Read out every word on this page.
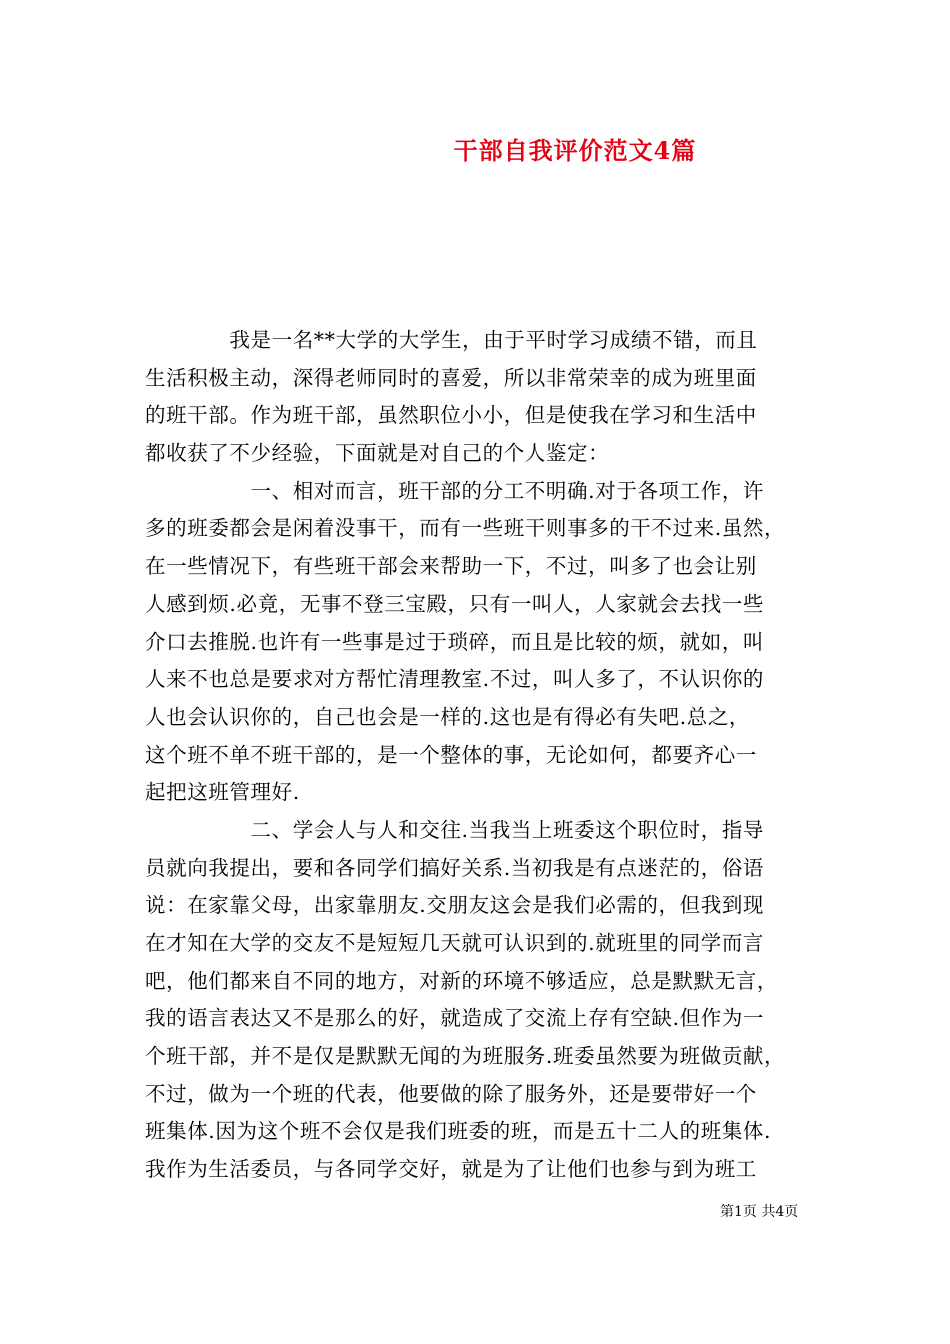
干部自我评价范文4篇
　　　　我是一名**大学的大学生，由于平时学习成绩不错，而且
生活积极主动，深得老师同时的喜爱，所以非常荣幸的成为班里面
的班干部。作为班干部，虽然职位小小，但是使我在学习和生活中
都收获了不少经验，下面就是对自己的个人鉴定：
　　　　　一、相对而言，班干部的分工不明确.对于各项工作，许
多的班委都会是闲着没事干，而有一些班干则事多的干不过来.虽然，
在一些情况下，有些班干部会来帮助一下，不过，叫多了也会让别
人感到烦.必竟，无事不登三宝殿，只有一叫人，人家就会去找一些
介口去推脱.也许有一些事是过于琐碎，而且是比较的烦，就如，叫
人来不也总是要求对方帮忙清理教室.不过，叫人多了，不认识你的
人也会认识你的，自己也会是一样的.这也是有得必有失吧.总之，
这个班不单不班干部的，是一个整体的事，无论如何，都要齐心一
起把这班管理好.
　　　　　二、学会人与人和交往.当我当上班委这个职位时，指导
员就向我提出，要和各同学们搞好关系.当初我是有点迷茫的，俗语
说：在家靠父母，出家靠朋友.交朋友这会是我们必需的，但我到现
在才知在大学的交友不是短短几天就可认识到的.就班里的同学而言
吧，他们都来自不同的地方，对新的环境不够适应，总是默默无言，
我的语言表达又不是那么的好，就造成了交流上存有空缺.但作为一
个班干部，并不是仅是默默无闻的为班服务.班委虽然要为班做贡献，
不过，做为一个班的代表，他要做的除了服务外，还是要带好一个
班集体.因为这个班不会仅是我们班委的班，而是五十二人的班集体.
我作为生活委员，与各同学交好，就是为了让他们也参与到为班工
第1页 共4页
